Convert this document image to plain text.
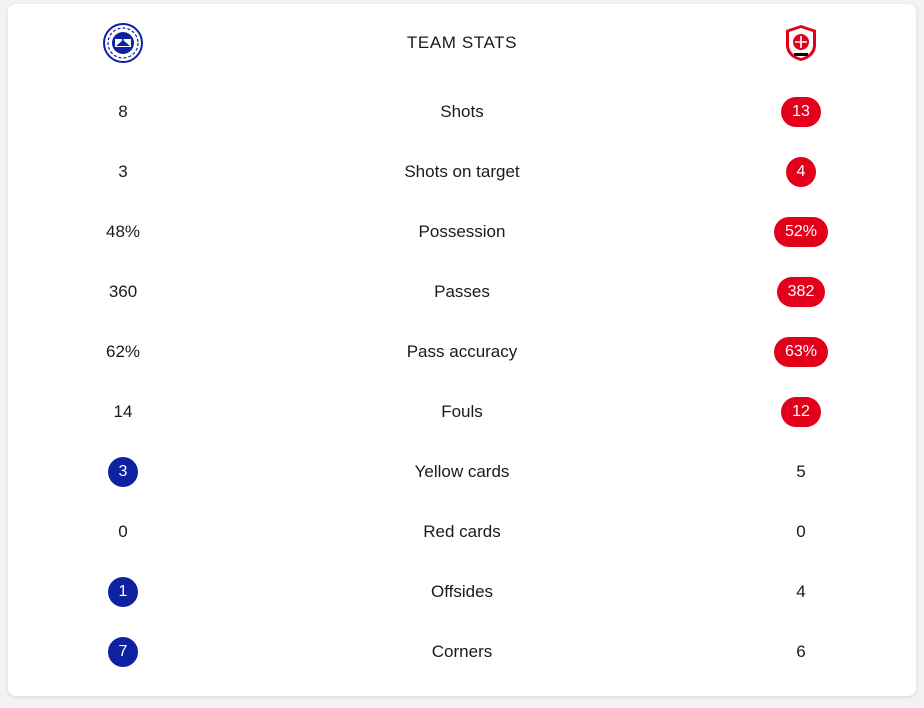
TEAM STATS
8	Shots	13
3	Shots on target	4
48%	Possession	52%
360	Passes	382
62%	Pass accuracy	63%
14	Fouls	12
3	Yellow cards	5
0	Red cards	0
1	Offsides	4
7	Corners	6
